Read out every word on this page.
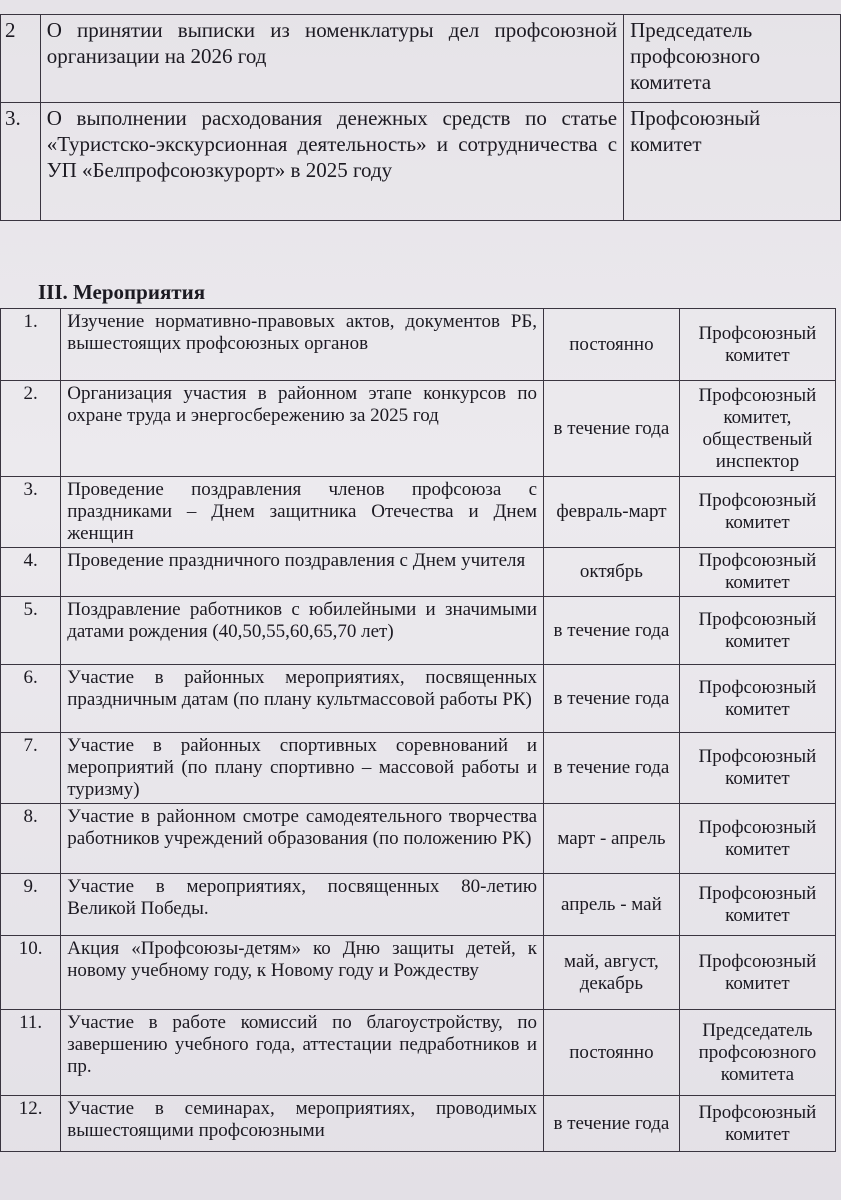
2	О принятии выписки из номенклатуры дел профсоюзной организации на 2026 год	Председатель профсоюзного комитета
3.	О выполнении расходования денежных средств по статье «Туристско-экскурсионная деятельность» и сотрудничества с УП «Белпрофсоюзкурорт» в 2025 году	Профсоюзный комитет
III. Мероприятия
1.	Изучение нормативно-правовых актов, документов РБ, вышестоящих профсоюзных органов	постоянно	Профсоюзный комитет
2.	Организация участия в районном этапе конкурсов по охране труда и энергосбережению за 2025 год	в течение года	Профсоюзный комитет, общественый инспектор
3.	Проведение поздравления членов профсоюза с праздниками – Днем защитника Отечества и Днем женщин	февраль-март	Профсоюзный комитет
4.	Проведение праздничного поздравления с Днем учителя	октябрь	Профсоюзный комитет
5.	Поздравление работников с юбилейными и значимыми датами рождения (40,50,55,60,65,70 лет)	в течение года	Профсоюзный комитет
6.	Участие в районных мероприятиях, посвященных праздничным датам (по плану культмассовой работы РК)	в течение года	Профсоюзный комитет
7.	Участие в районных спортивных соревнований и мероприятий (по плану спортивно – массовой работы и туризму)	в течение года	Профсоюзный комитет
8.	Участие в районном смотре самодеятельного творчества работников учреждений образования (по положению РК)	март - апрель	Профсоюзный комитет
9.	Участие в мероприятиях, посвященных 80-летию Великой Победы.	апрель - май	Профсоюзный комитет
10.	Акция «Профсоюзы-детям» ко Дню защиты детей, к новому учебному году, к Новому году и Рождеству	май, август, декабрь	Профсоюзный комитет
11.	Участие в работе комиссий по благоустройству, по завершению учебного года, аттестации педработников и пр.	постоянно	Председатель профсоюзного комитета
12.	Участие в семинарах, мероприятиях, проводимых вышестоящими профсоюзными	в течение года	Профсоюзный комитет
